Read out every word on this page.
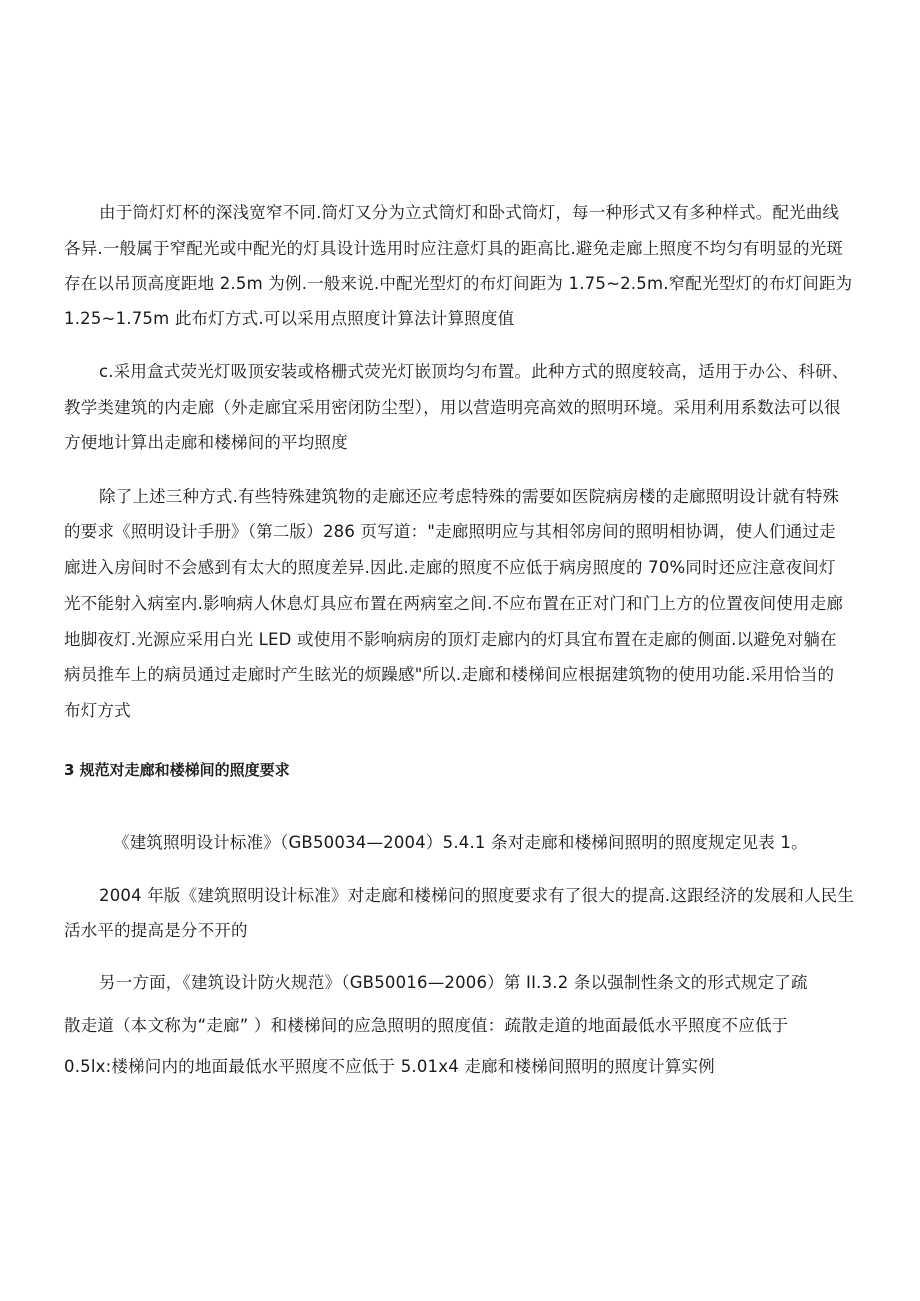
由于筒灯灯杯的深浅宽窄不同.筒灯又分为立式筒灯和卧式筒灯，每一种形式又有多种样式。配光曲线
各异.一般属于窄配光或中配光的灯具设计选用时应注意灯具的距高比.避免走廊上照度不均匀有明显的光斑
存在以吊顶高度距地 2.5m 为例.一般来说.中配光型灯的布灯间距为 1.75~2.5m.窄配光型灯的布灯间距为
1.25~1.75m 此布灯方式.可以采用点照度计算法计算照度值
c.采用盒式荧光灯吸顶安装或格栅式荧光灯嵌顶均匀布置。此种方式的照度较高，适用于办公、科研、
教学类建筑的内走廊（外走廊宜采用密闭防尘型），用以营造明亮高效的照明环境。采用利用系数法可以很
方便地计算出走廊和楼梯间的平均照度
除了上述三种方式.有些特殊建筑物的走廊还应考虑特殊的需要如医院病房楼的走廊照明设计就有特殊
的要求《照明设计手册》（第二版）286 页写道："走廊照明应与其相邻房间的照明相协调，使人们通过走
廊进入房间时不会感到有太大的照度差异.因此.走廊的照度不应低于病房照度的 70%同时还应注意夜间灯
光不能射入病室内.影响病人休息灯具应布置在两病室之间.不应布置在正对门和门上方的位置夜间使用走廊
地脚夜灯.光源应采用白光 LED 或使用不影响病房的顶灯走廊内的灯具宜布置在走廊的侧面.以避免对躺在
病员推车上的病员通过走廊时产生眩光的烦躁感"所以.走廊和楼梯间应根据建筑物的使用功能.采用恰当的
布灯方式
3 规范对走廊和楼梯间的照度要求
《建筑照明设计标准》（GB50034—2004）5.4.1 条对走廊和楼梯间照明的照度规定见表 1。
2004 年版《建筑照明设计标准》对走廊和楼梯问的照度要求有了很大的提高.这跟经济的发展和人民生
活水平的提高是分不开的
另一方面，《建筑设计防火规范》（GB50016—2006）第 II.3.2 条以强制性条文的形式规定了疏
散走道（本文称为“走廊” ）和楼梯间的应急照明的照度值：疏散走道的地面最低水平照度不应低于
0.5lx:楼梯问内的地面最低水平照度不应低于 5.01x4 走廊和楼梯间照明的照度计算实例
